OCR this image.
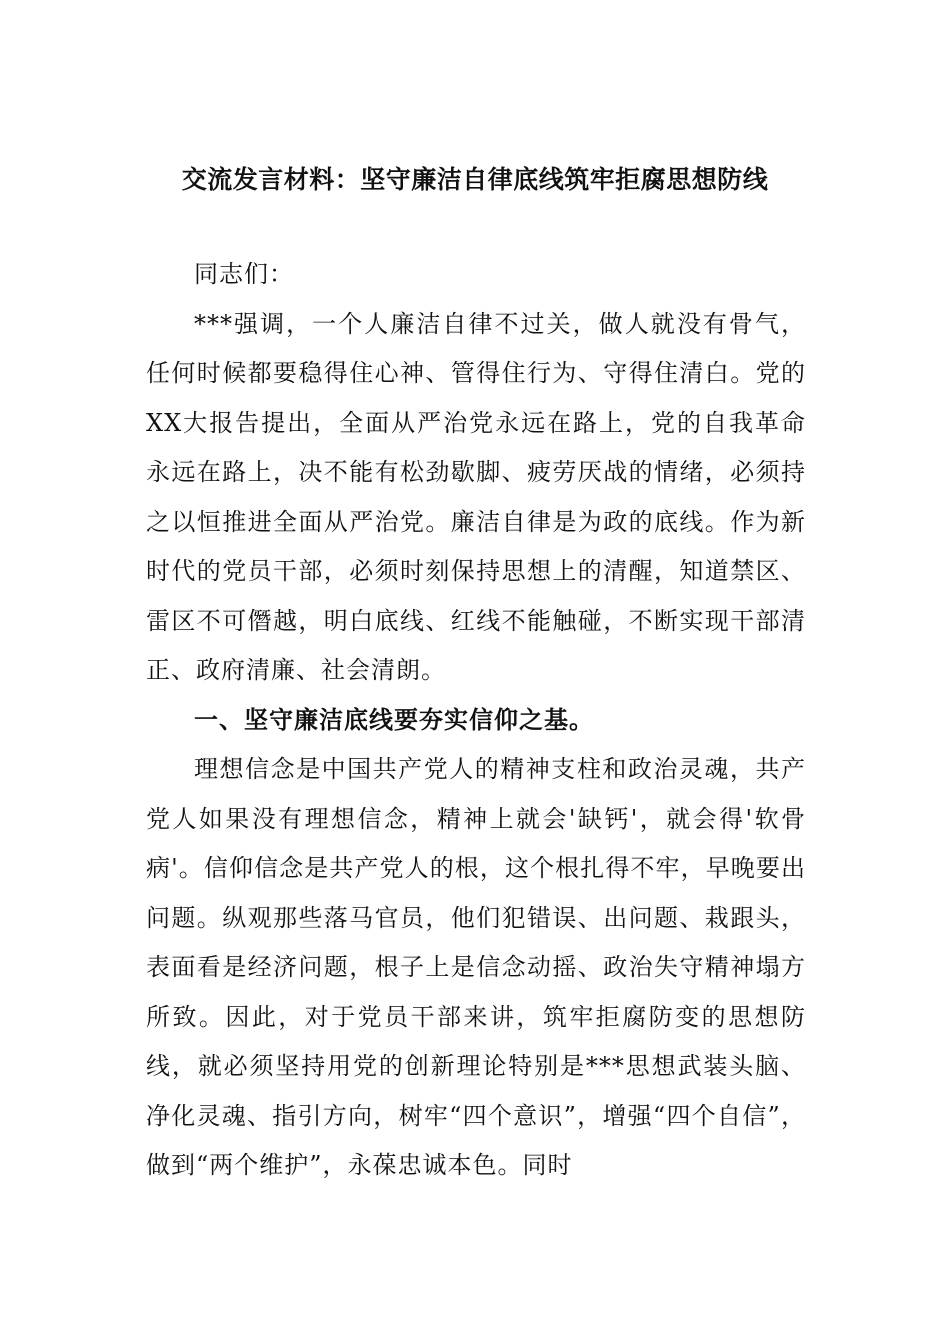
交流发言材料：坚守廉洁自律底线筑牢拒腐思想防线

同志们：

***强调，一个人廉洁自律不过关，做人就没有骨气，任何时候都要稳得住心神、管得住行为、守得住清白。党的XX大报告提出，全面从严治党永远在路上，党的自我革命永远在路上，决不能有松劲歇脚、疲劳厌战的情绪，必须持之以恒推进全面从严治党。廉洁自律是为政的底线。作为新时代的党员干部，必须时刻保持思想上的清醒，知道禁区、雷区不可僭越，明白底线、红线不能触碰，不断实现干部清正、政府清廉、社会清朗。

一、坚守廉洁底线要夯实信仰之基。

理想信念是中国共产党人的精神支柱和政治灵魂，共产党人如果没有理想信念，精神上就会'缺钙'，就会得'软骨病'。信仰信念是共产党人的根，这个根扎得不牢，早晚要出问题。纵观那些落马官员，他们犯错误、出问题、栽跟头，表面看是经济问题，根子上是信念动摇、政治失守精神塌方所致。因此，对于党员干部来讲，筑牢拒腐防变的思想防线，就必须坚持用党的创新理论特别是***思想武装头脑、净化灵魂、指引方向，树牢“四个意识”，增强“四个自信”，做到“两个维护”，永葆忠诚本色。同时
